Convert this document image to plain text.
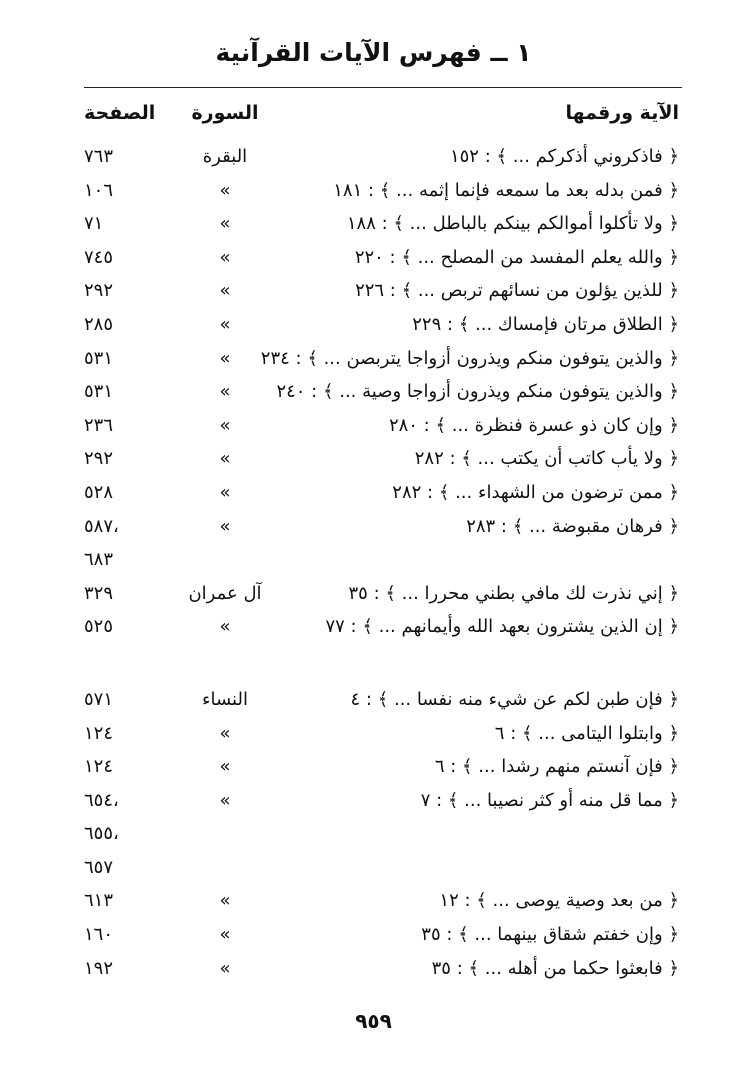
١ ــ فهرس الآيات القرآنية
الآية ورقمها
السورة
الصفحة
﴿ فاذكروني أذكركم ... ﴾ : ١٥٢
البقرة
٧٦٣
﴿ فمن بدله بعد ما سمعه فإنما إثمه ... ﴾ : ١٨١
»
١٠٦
﴿ ولا تأكلوا أموالكم بينكم بالباطل ... ﴾ : ١٨٨
»
٧١
﴿ والله يعلم المفسد من المصلح ... ﴾ : ٢٢٠
»
٧٤٥
﴿ للذين يؤلون من نسائهم تربص ... ﴾ : ٢٢٦
»
٢٩٢
﴿ الطلاق مرتان فإمساك ... ﴾ : ٢٢٩
»
٢٨٥
﴿ والذين يتوفون منكم ويذرون أزواجا يتربصن ... ﴾ : ٢٣٤
»
٥٣١
﴿ والذين يتوفون منكم ويذرون أزواجا وصية ... ﴾ : ٢٤٠
»
٥٣١
﴿ وإن كان ذو عسرة فنظرة ... ﴾ : ٢٨٠
»
٢٣٦
﴿ ولا يأب كاتب أن يكتب ... ﴾ : ٢٨٢
»
٢٩٢
﴿ ممن ترضون من الشهداء ... ﴾ : ٢٨٢
»
٥٢٨
﴿ فرهان مقبوضة ... ﴾ : ٢٨٣
»
٥٨٧،
٦٨٣
﴿ إني نذرت لك مافي بطني محررا ... ﴾ : ٣٥
آل عمران
٣٢٩
﴿ إن الذين يشترون بعهد الله وأيمانهم ... ﴾ : ٧٧
»
٥٢٥
﴿ فإن طبن لكم عن شيء منه نفسا ... ﴾ : ٤
النساء
٥٧١
﴿ وابتلوا اليتامى ... ﴾ : ٦
»
١٢٤
﴿ فإن آنستم منهم رشدا ... ﴾ : ٦
»
١٢٤
﴿ مما قل منه أو كثر نصيبا ... ﴾ : ٧
»
٦٥٤،
٦٥٥،
٦٥٧
﴿ من بعد وصية يوصى ... ﴾ : ١٢
»
٦١٣
﴿ وإن خفتم شقاق بينهما ... ﴾ : ٣٥
»
١٦٠
﴿ فابعثوا حكما من أهله ... ﴾ : ٣٥
»
١٩٢
٩٥٩
